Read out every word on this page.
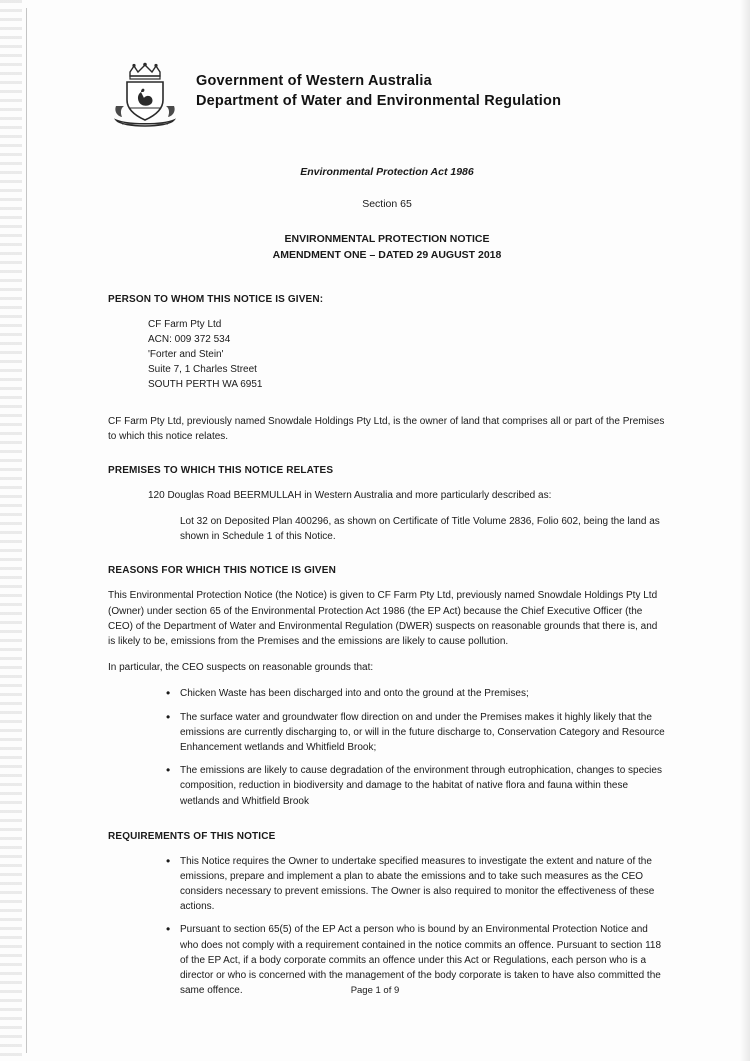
Government of Western Australia
Department of Water and Environmental Regulation
Environmental Protection Act 1986
Section 65
ENVIRONMENTAL PROTECTION NOTICE
AMENDMENT ONE – DATED 29 AUGUST 2018
PERSON TO WHOM THIS NOTICE IS GIVEN:

CF Farm Pty Ltd

ACN: 009 372 534

'Forter and Stein'

Suite 7, 1 Charles Street

SOUTH PERTH WA 6951

CF Farm Pty Ltd, previously named Snowdale Holdings Pty Ltd, is the owner of land that comprises all or part of the Premises to which this notice relates.

PREMISES TO WHICH THIS NOTICE RELATES

120 Douglas Road BEERMULLAH in Western Australia and more particularly described as:

Lot 32 on Deposited Plan 400296, as shown on Certificate of Title Volume 2836, Folio 602, being the land as shown in Schedule 1 of this Notice.

REASONS FOR WHICH THIS NOTICE IS GIVEN

This Environmental Protection Notice (the Notice) is given to CF Farm Pty Ltd, previously named Snowdale Holdings Pty Ltd (Owner) under section 65 of the Environmental Protection Act 1986 (the EP Act) because the Chief Executive Officer (the CEO) of the Department of Water and Environmental Regulation (DWER) suspects on reasonable grounds that there is, and is likely to be, emissions from the Premises and the emissions are likely to cause pollution.

In particular, the CEO suspects on reasonable grounds that:

• Chicken Waste has been discharged into and onto the ground at the Premises;
• The surface water and groundwater flow direction on and under the Premises makes it highly likely that the emissions are currently discharging to, or will in the future discharge to, Conservation Category and Resource Enhancement wetlands and Whitfield Brook;
• The emissions are likely to cause degradation of the environment through eutrophication, changes to species composition, reduction in biodiversity and damage to the habitat of native flora and fauna within these wetlands and Whitfield Brook
REQUIREMENTS OF THIS NOTICE
• This Notice requires the Owner to undertake specified measures to investigate the extent and nature of the emissions, prepare and implement a plan to abate the emissions and to take such measures as the CEO considers necessary to prevent emissions. The Owner is also required to monitor the effectiveness of these actions.
• Pursuant to section 65(5) of the EP Act a person who is bound by an Environmental Protection Notice and who does not comply with a requirement contained in the notice commits an offence. Pursuant to section 118 of the EP Act, if a body corporate commits an offence under this Act or Regulations, each person who is a director or who is concerned with the management of the body corporate is taken to have also committed the same offence.	Page 1 of 9
